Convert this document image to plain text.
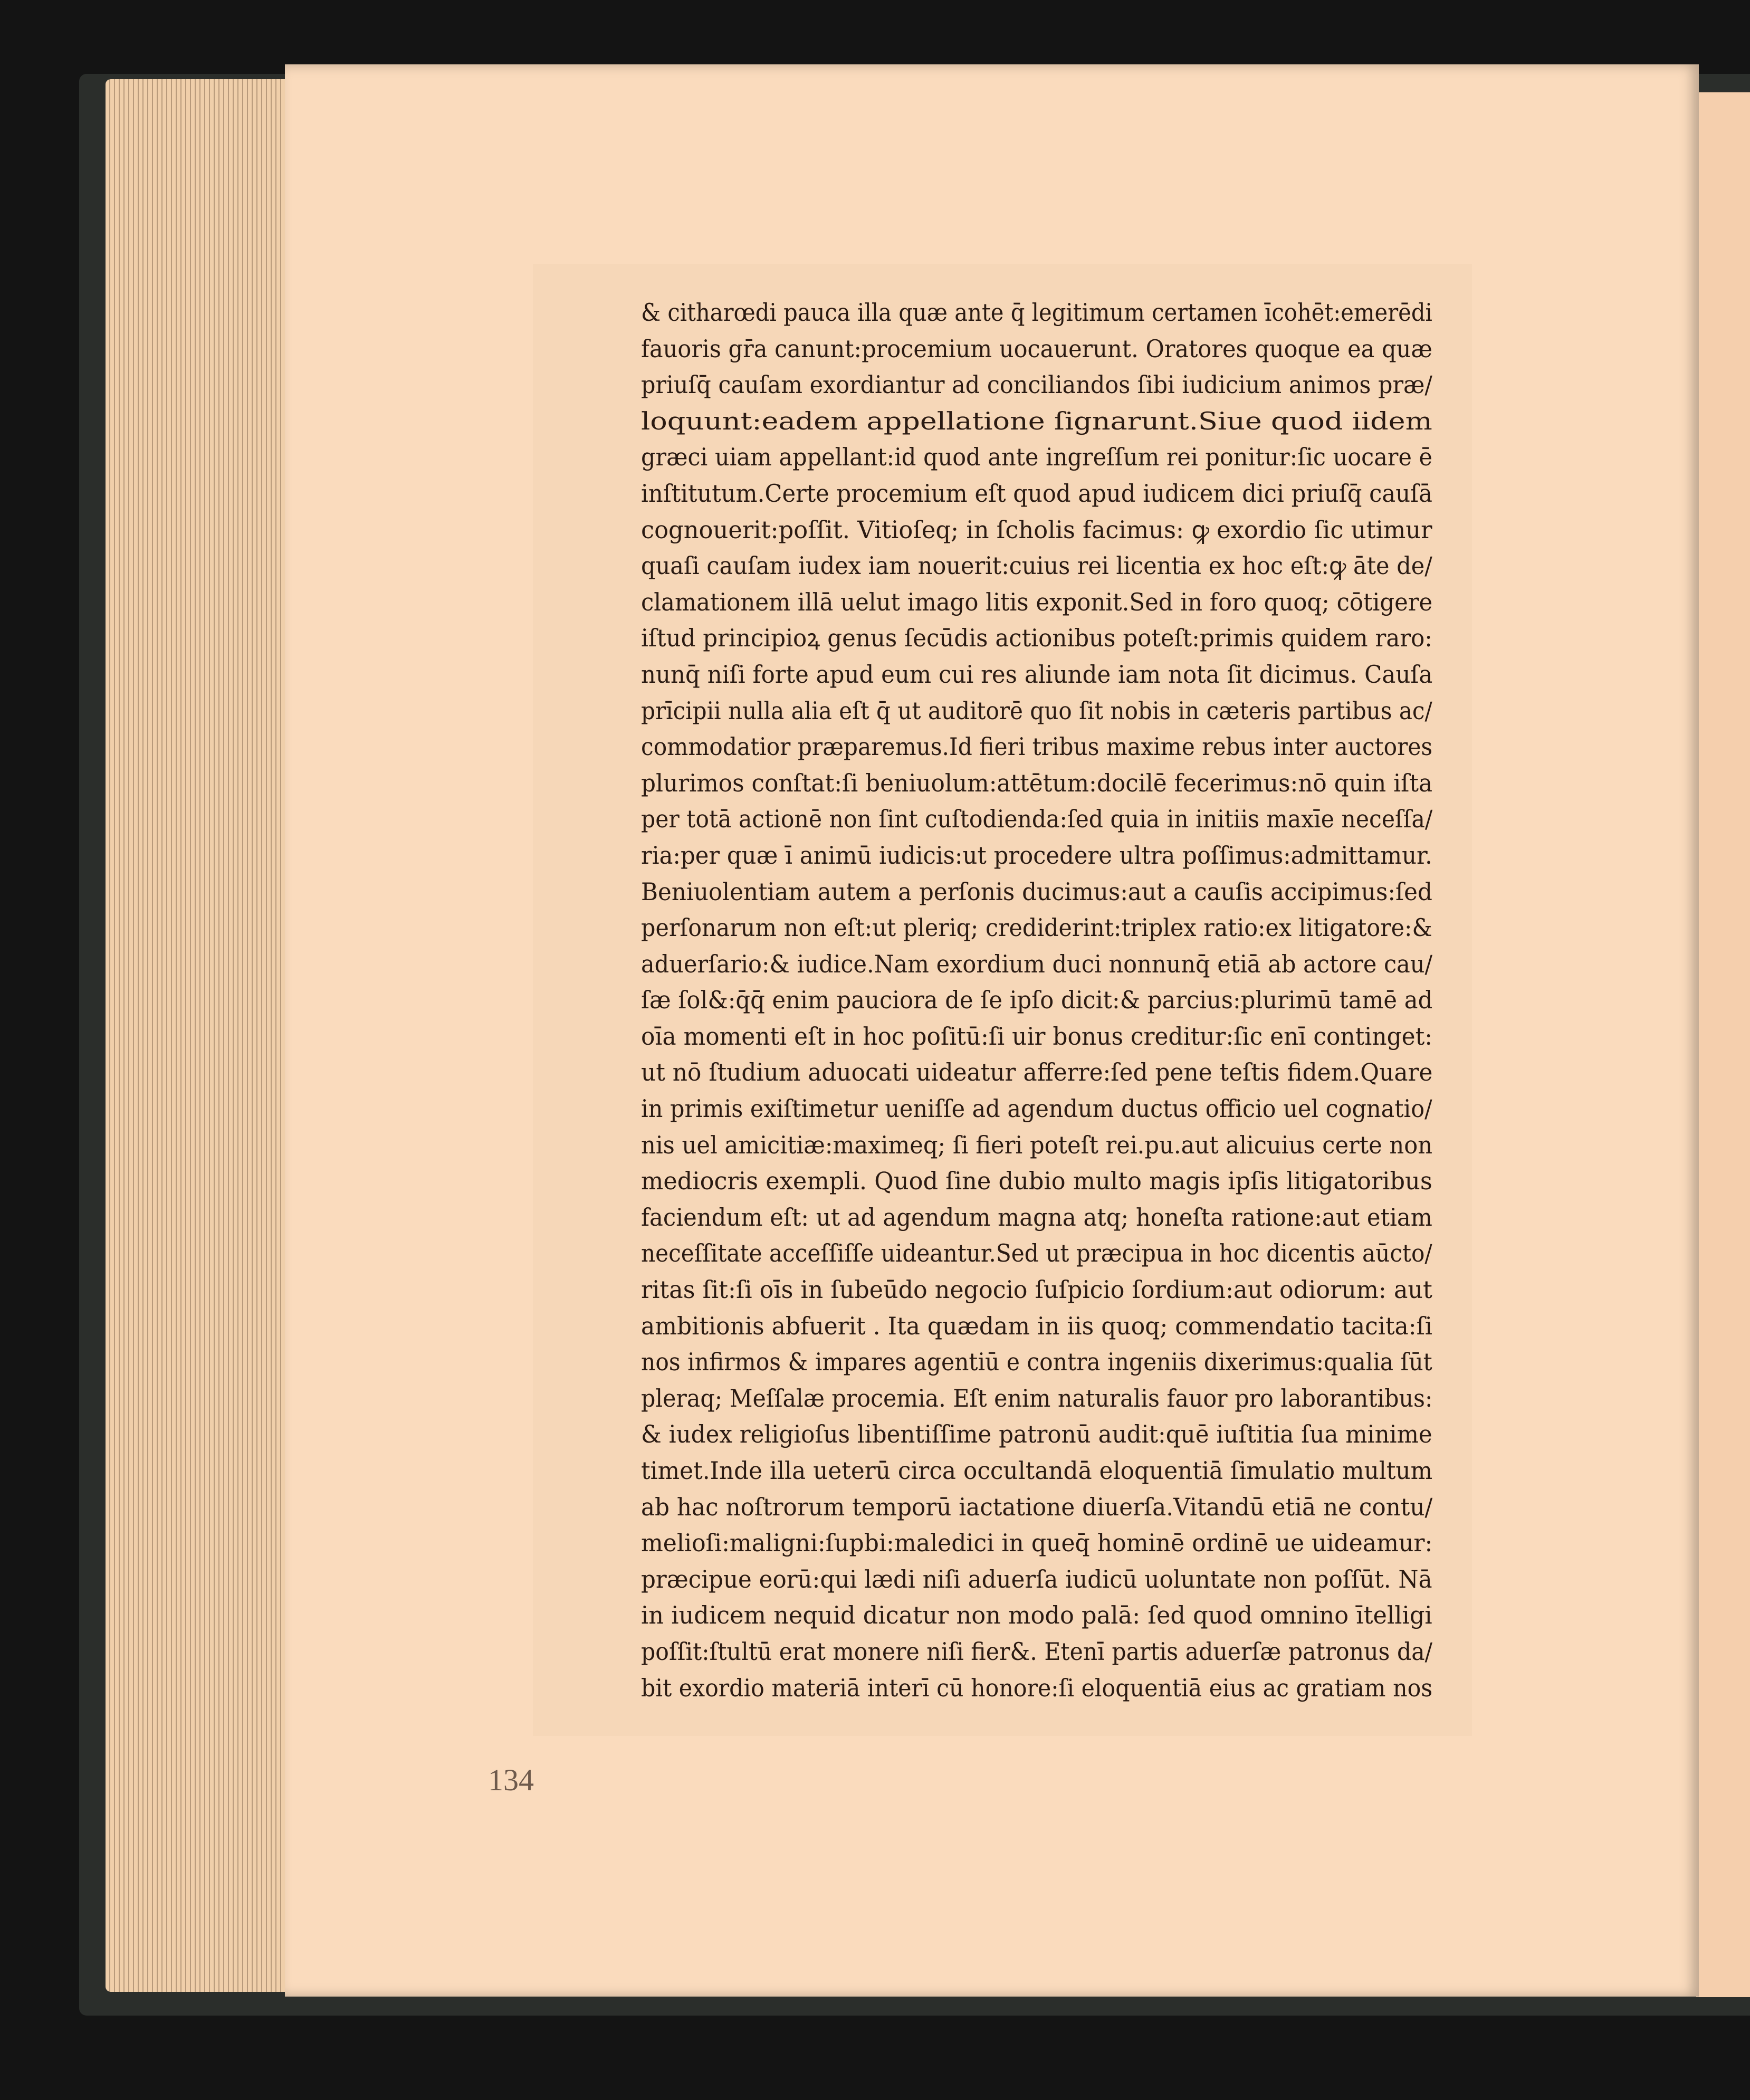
& citharœdi pauca illa quæ ante q̄ legitimum certamen īcohēt:emerēdi
fauoris gr̄a canunt:procemium uocauerunt. Oratores quoque ea quæ
priuſq̄ cauſam exordiantur ad conciliandos ſibi iudicium animos præ/
loquunt:eadem appellatione ſignarunt.Siue quod iidem
græci uiam appellant:id quod ante ingreſſum rei ponitur:ſic uocare ē
inſtitutum.Certe procemium eſt quod apud iudicem dici priuſq̄ cauſā
cognouerit:poſſit. Vitioſeq; in ſcholis facimus: ꝙ exordio ſic utimur
quaſi cauſam iudex iam nouerit:cuius rei licentia ex hoc eſt:ꝙ āte de/
clamationem illā uelut imago litis exponit.Sed in foro quoq; cōtigere
iſtud principioꝝ genus ſecūdis actionibus poteſt:primis quidem raro:
nunq̄ niſi forte apud eum cui res aliunde iam nota ſit dicimus. Cauſa
prīcipii nulla alia eſt q̄ ut auditorē quo ſit nobis in cæteris partibus ac/
commodatior præparemus.Id fieri tribus maxime rebus inter auctores
plurimos conſtat:ſi beniuolum:attētum:docilē fecerimus:nō quin iſta
per totā actionē non ſint cuſtodienda:ſed quia in initiis maxīe neceſſa/
ria:per quæ ī animū iudicis:ut procedere ultra poſſimus:admittamur.
Beniuolentiam autem a perſonis ducimus:aut a cauſis accipimus:ſed
perſonarum non eſt:ut pleriq; crediderint:triplex ratio:ex litigatore:&
aduerſario:& iudice.Nam exordium duci nonnunq̄ etiā ab actore cau/
ſæ ſol&:q̄q̄ enim pauciora de ſe ipſo dicit:& parcius:plurimū tamē ad
oīa momenti eſt in hoc poſitū:ſi uir bonus creditur:ſic enī continget:
ut nō ſtudium aduocati uideatur afferre:ſed pene teſtis fidem.Quare
in primis exiſtimetur ueniſſe ad agendum ductus officio uel cognatio/
nis uel amicitiæ:maximeq; ſi fieri poteſt rei.pu.aut alicuius certe non
mediocris exempli. Quod ſine dubio multo magis ipſis litigatoribus
faciendum eſt: ut ad agendum magna atq; honeſta ratione:aut etiam
neceſſitate acceſſiſſe uideantur.Sed ut præcipua in hoc dicentis aūcto/
ritas ſit:ſi oīs in ſubeūdo negocio ſuſpicio ſordium:aut odiorum: aut
ambitionis abfuerit . Ita quædam in iis quoq; commendatio tacita:ſi
nos infirmos & impares agentiū e contra ingeniis dixerimus:qualia ſūt
pleraq; Meſſalæ procemia. Eſt enim naturalis fauor pro laborantibus:
& iudex religioſus libentiſſime patronū audit:quē iuſtitia ſua minime
timet.Inde illa ueterū circa occultandā eloquentiā ſimulatio multum
ab hac noſtrorum temporū iactatione diuerſa.Vitandū etiā ne contu/
melioſi:maligni:ſupbi:maledici in queq̄ hominē ordinē ue uideamur:
præcipue eorū:qui lædi niſi aduerſa iudicū uoluntate non poſſūt. Nā
in iudicem nequid dicatur non modo palā: ſed quod omnino ītelligi
poſſit:ſtultū erat monere niſi fier&. Etenī partis aduerſæ patronus da/
bit exordio materiā interī cū honore:ſi eloquentiā eius ac gratiam nos
134
